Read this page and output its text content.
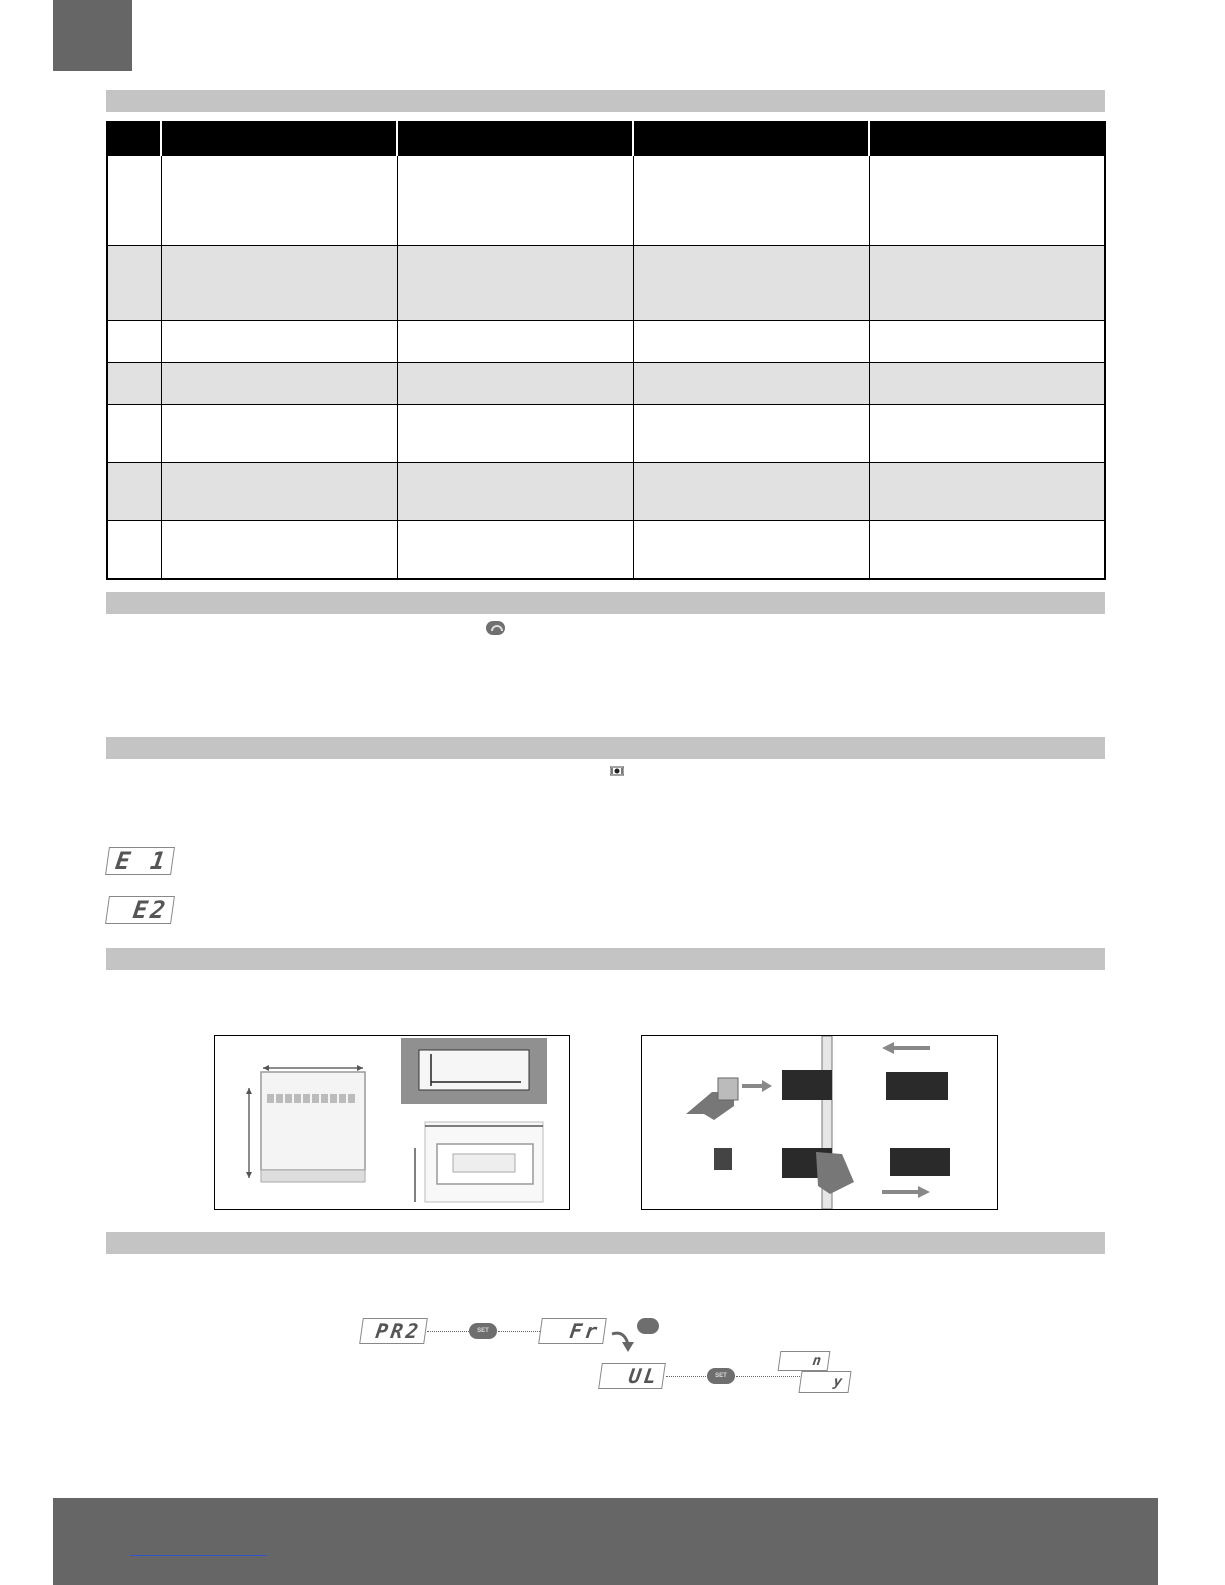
E 1
E2
PR2	SET	Fr
UL	SET
n
y
